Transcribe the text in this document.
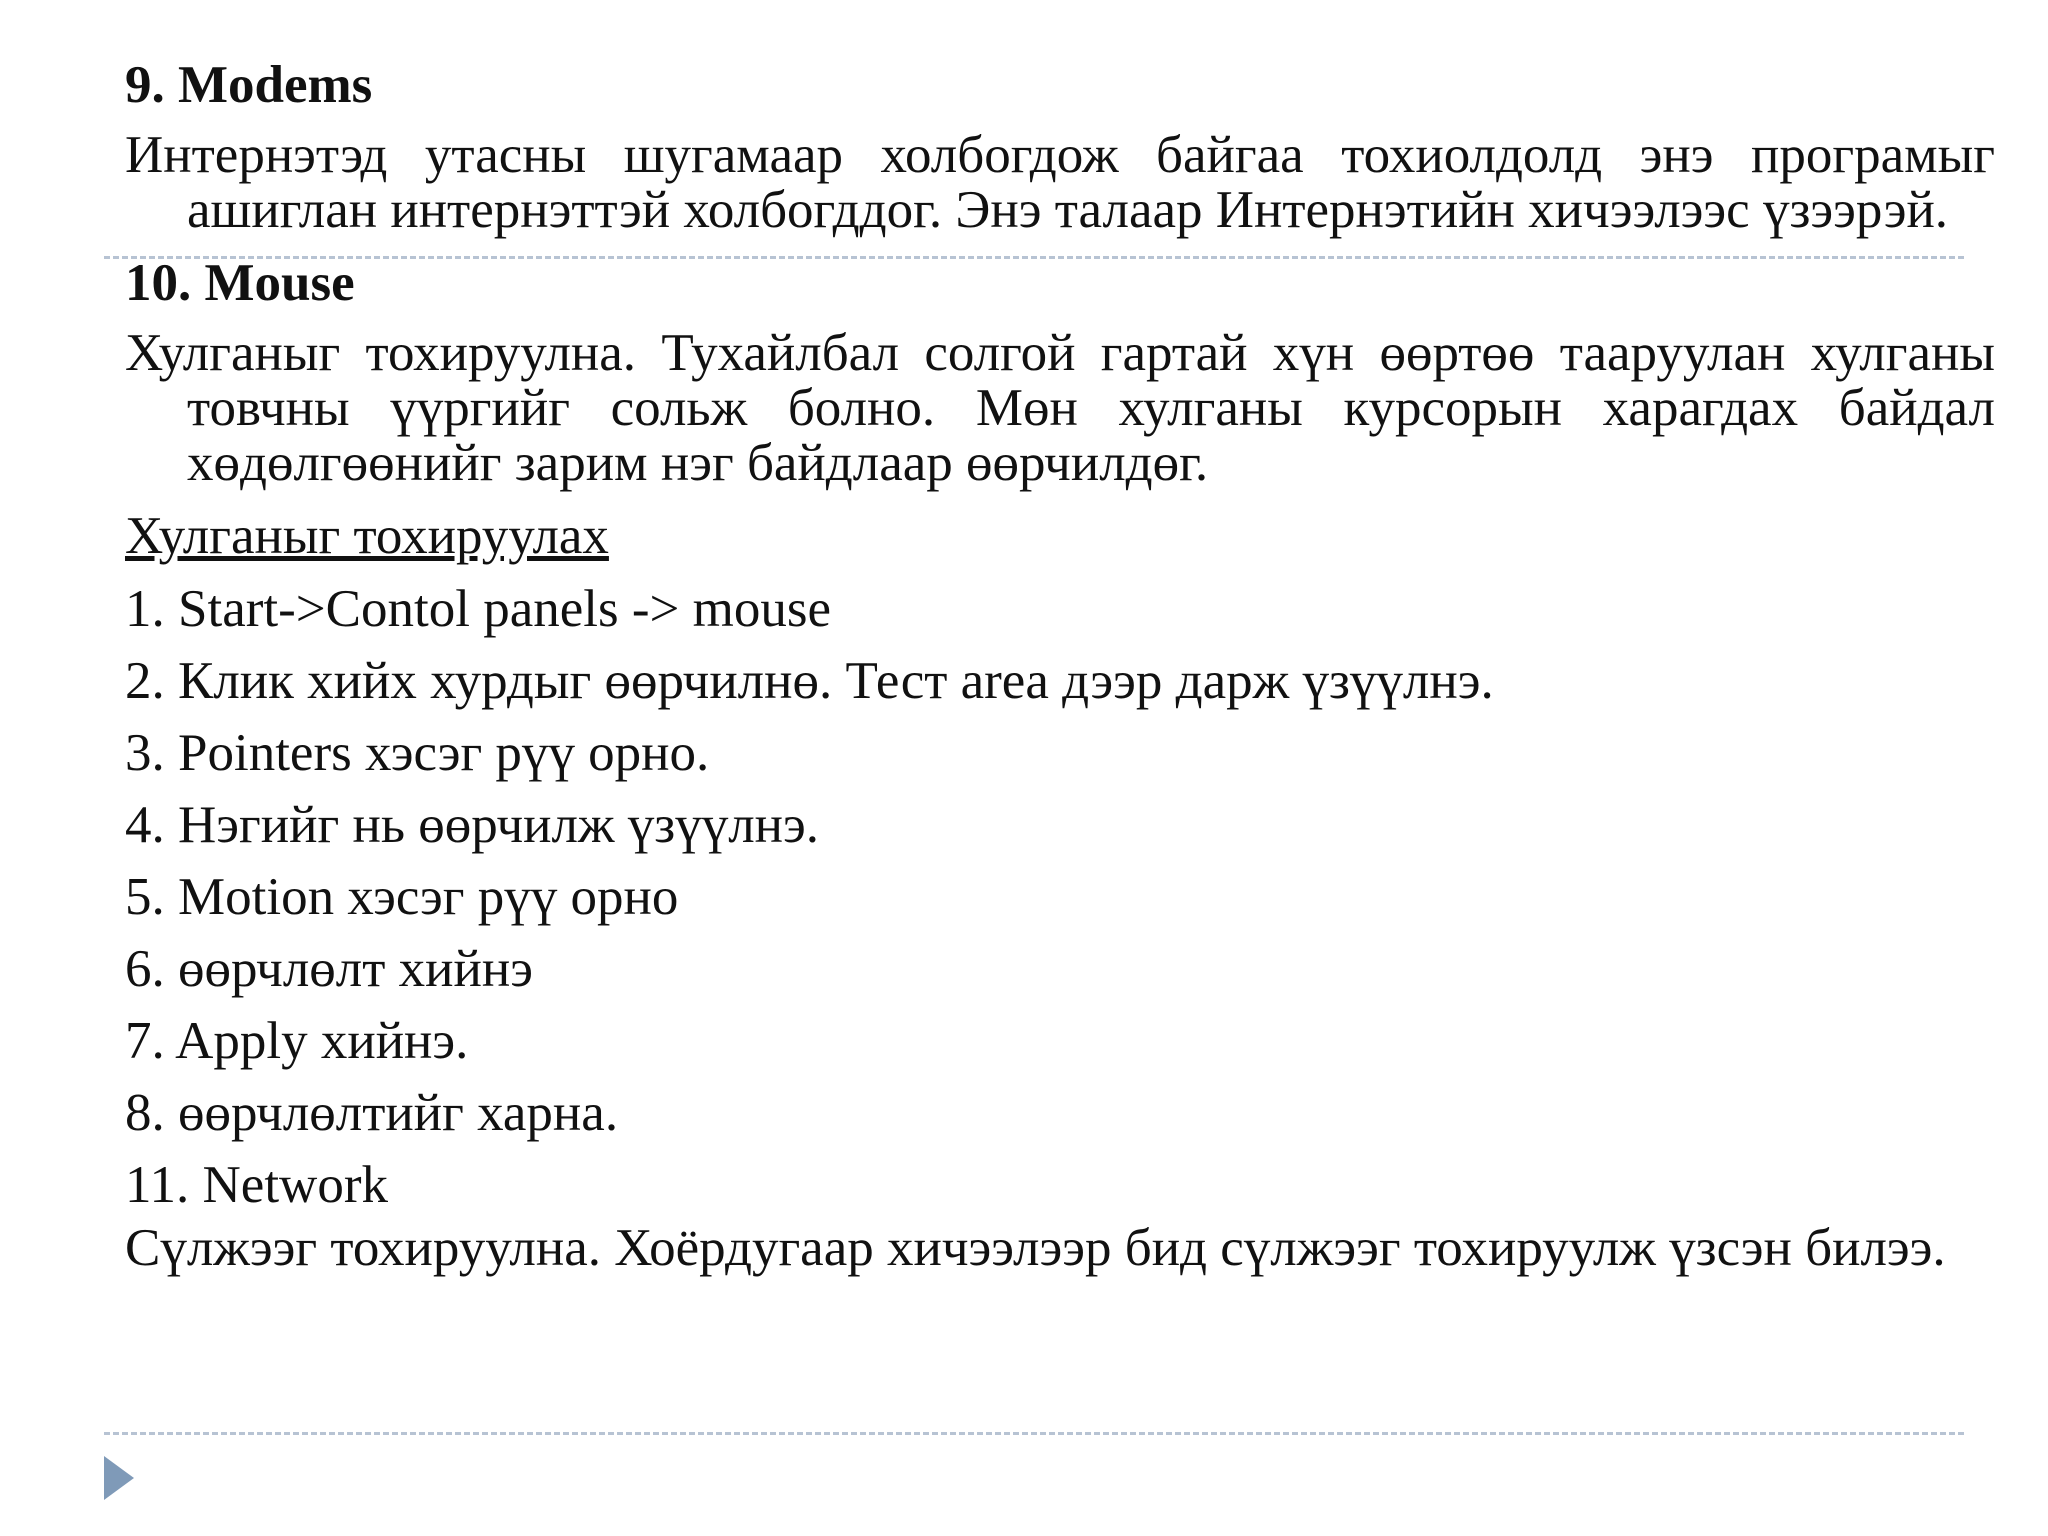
9. Modems
Интернэтэд утасны шугамаар холбогдож байгаа тохиолдолд энэ програмыг ашиглан интернэттэй холбогддог. Энэ талаар Интернэтийн хичээлээс үзээрэй.
10. Mouse
Хулганыг тохируулна. Тухайлбал солгой гартай хүн өөртөө тааруулан хулганы товчны үүргийг сольж болно. Мөн хулганы курсорын харагдах байдал хөдөлгөөнийг зарим нэг байдлаар өөрчилдөг.
Хулганыг тохируулах
1. Start->Contol panels -> mouse
2. Клик хийх хурдыг өөрчилнө. Тест area дээр дарж үзүүлнэ.
3. Pointers хэсэг рүү орно.
4. Нэгийг нь өөрчилж үзүүлнэ.
5. Motion хэсэг рүү орно
6. өөрчлөлт хийнэ
7. Apply хийнэ.
8. өөрчлөлтийг харна.
11. Network
Сүлжээг тохируулна. Хоёрдугаар хичээлээр бид сүлжээг тохируулж үзсэн билээ.
